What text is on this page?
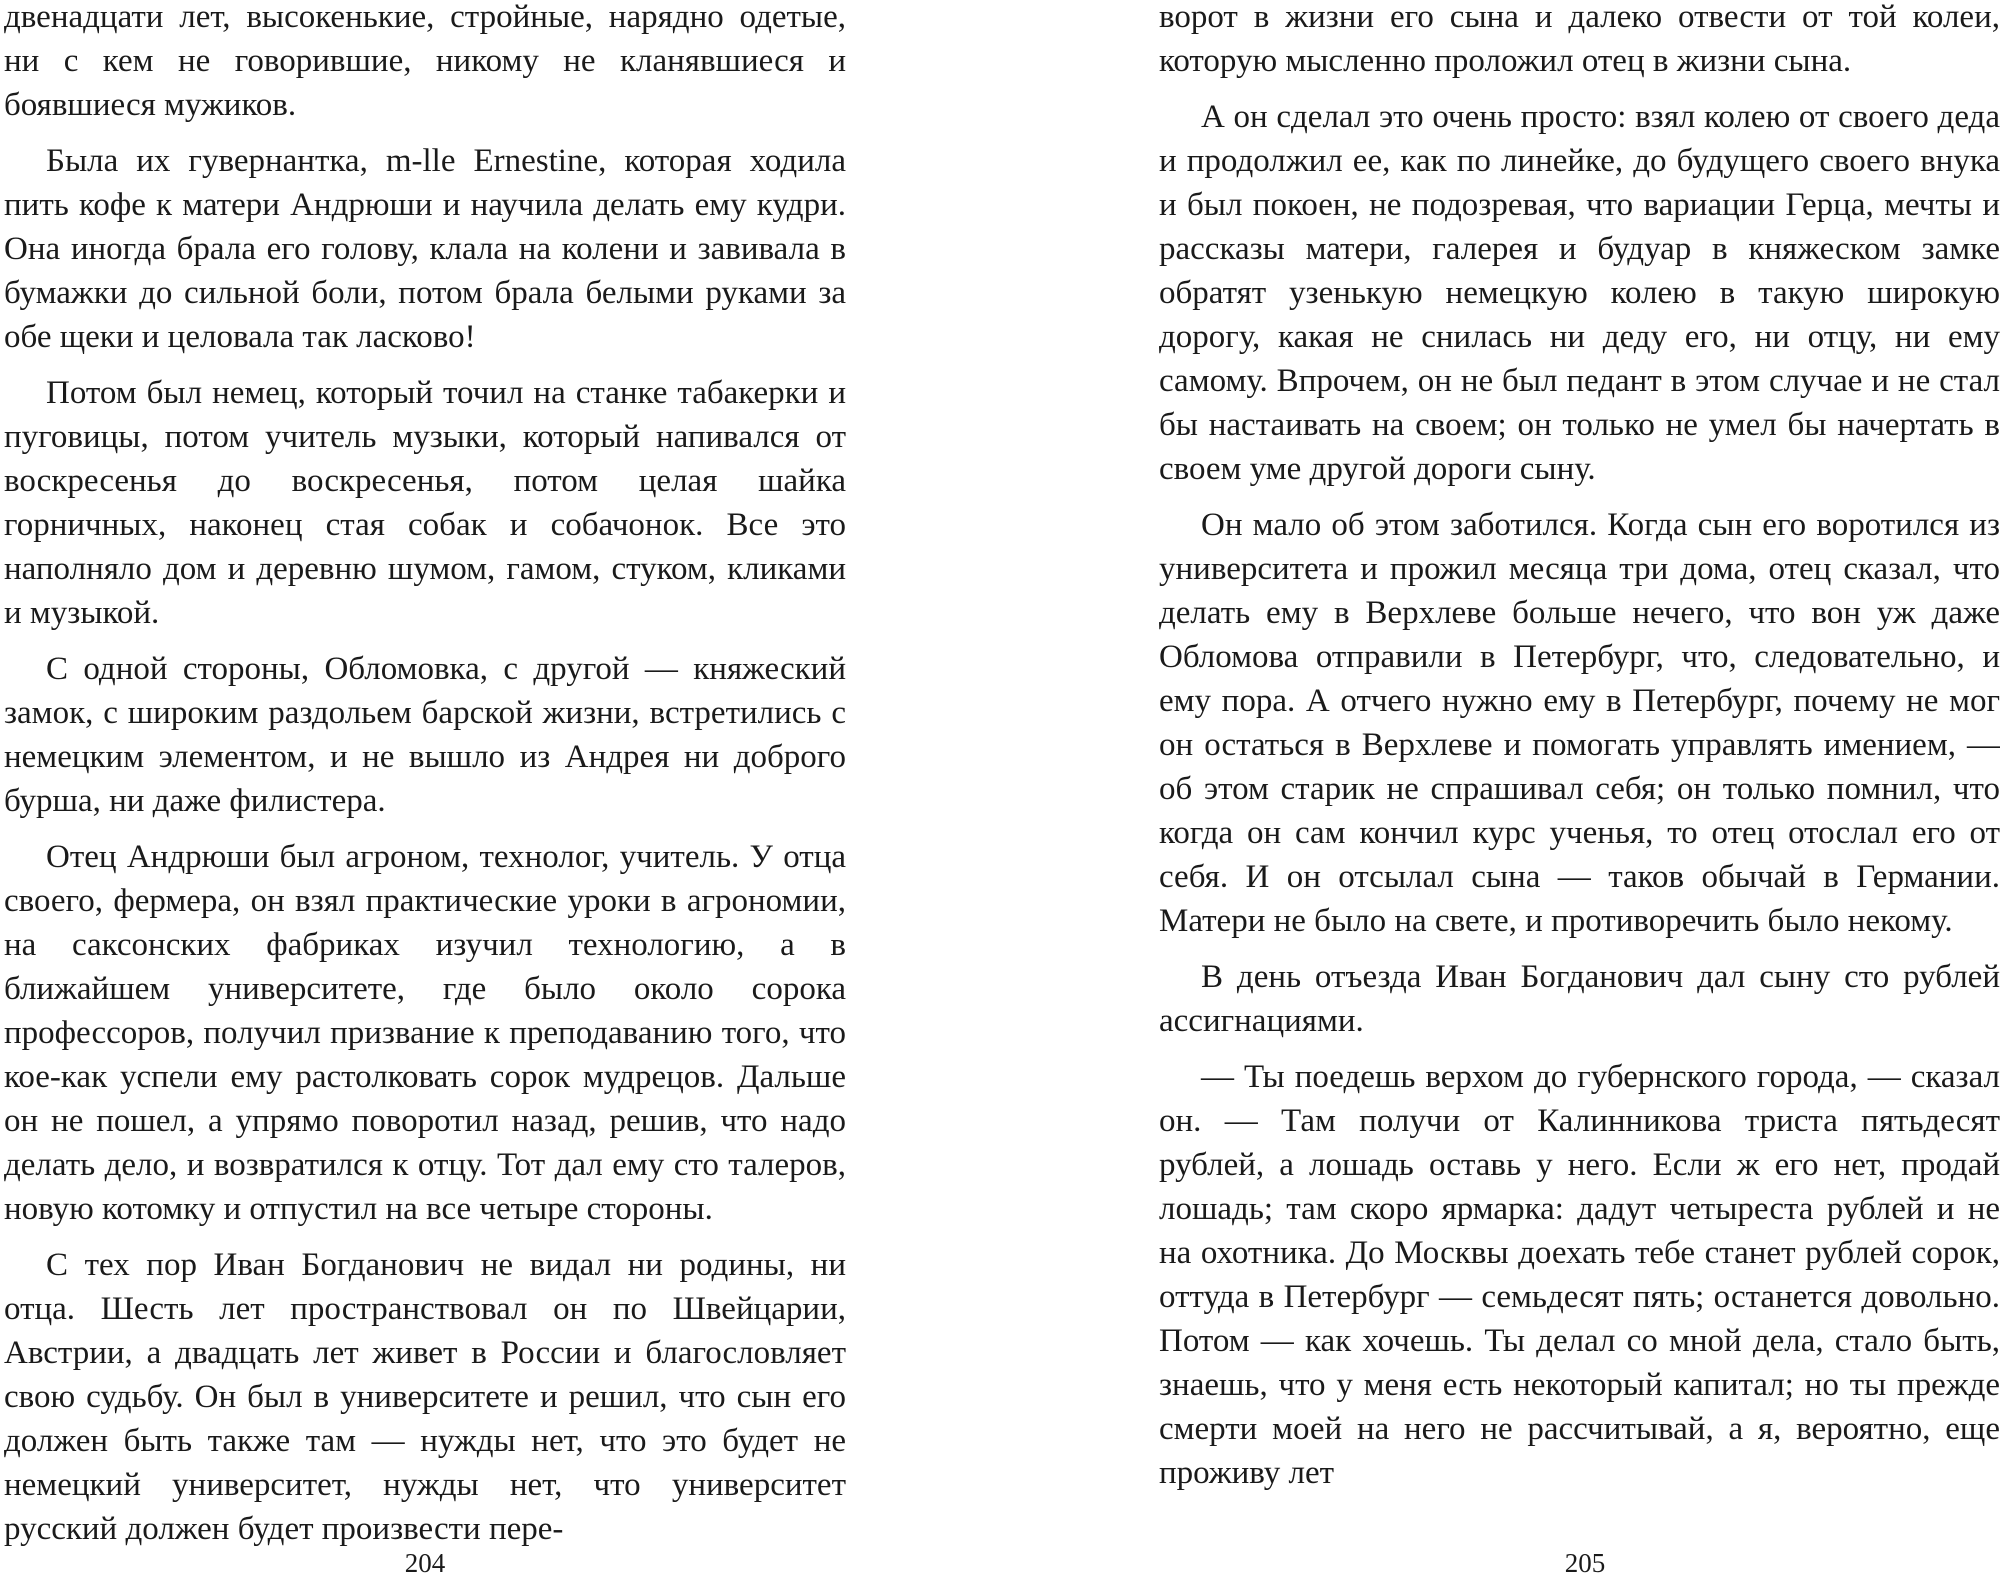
двенадцати лет, высокенькие, стройные, нарядно одетые, ни с кем не говорившие, никому не кланявшиеся и боявшиеся мужиков.

Была их гувернантка, m-lle Ernestine, которая ходила пить кофе к матери Андрюши и научила делать ему кудри. Она иногда брала его голову, клала на колени и завивала в бумажки до сильной боли, потом брала белыми руками за обе щеки и целовала так ласково!

Потом был немец, который точил на станке табакерки и пуговицы, потом учитель музыки, который напивался от воскресенья до воскресенья, потом целая шайка горничных, наконец стая собак и собачонок. Все это наполняло дом и деревню шумом, гамом, стуком, кликами и музыкой.

С одной стороны, Обломовка, с другой — княжеский замок, с широким раздольем барской жизни, встретились с немецким элементом, и не вышло из Андрея ни доброго бурша, ни даже филистера.

Отец Андрюши был агроном, технолог, учитель. У отца своего, фермера, он взял практические уроки в агрономии, на саксонских фабриках изучил технологию, а в ближайшем университете, где было около сорока профессоров, получил призвание к преподаванию того, что кое-как успели ему растолковать сорок мудрецов. Дальше он не пошел, а упрямо поворотил назад, решив, что надо делать дело, и возвратился к отцу. Тот дал ему сто талеров, новую котомку и отпустил на все четыре стороны.

С тех пор Иван Богданович не видал ни родины, ни отца. Шесть лет пространствовал он по Швейцарии, Австрии, а двадцать лет живет в России и благословляет свою судьбу. Он был в университете и решил, что сын его должен быть также там — нужды нет, что это будет не немецкий университет, нужды нет, что университет русский должен будет произвести пере-

204

ворот в жизни его сына и далеко отвести от той колеи, которую мысленно проложил отец в жизни сына.

А он сделал это очень просто: взял колею от своего деда и продолжил ее, как по линейке, до будущего своего внука и был покоен, не подозревая, что вариации Герца, мечты и рассказы матери, галерея и будуар в княжеском замке обратят узенькую немецкую колею в такую широкую дорогу, какая не снилась ни деду его, ни отцу, ни ему самому. Впрочем, он не был педант в этом случае и не стал бы настаивать на своем; он только не умел бы начертать в своем уме другой дороги сыну.

Он мало об этом заботился. Когда сын его воротился из университета и прожил месяца три дома, отец сказал, что делать ему в Верхлеве больше нечего, что вон уж даже Обломова отправили в Петербург, что, следовательно, и ему пора. А отчего нужно ему в Петербург, почему не мог он остаться в Верхлеве и помогать управлять имением, — об этом старик не спрашивал себя; он только помнил, что когда он сам кончил курс ученья, то отец отослал его от себя. И он отсылал сына — таков обычай в Германии. Матери не было на свете, и противоречить было некому.

В день отъезда Иван Богданович дал сыну сто рублей ассигнациями.

— Ты поедешь верхом до губернского города, — сказал он. — Там получи от Калинникова триста пятьдесят рублей, а лошадь оставь у него. Если ж его нет, продай лошадь; там скоро ярмарка: дадут четыреста рублей и не на охотника. До Москвы доехать тебе станет рублей сорок, оттуда в Петербург — семьдесят пять; останется довольно. Потом — как хочешь. Ты делал со мной дела, стало быть, знаешь, что у меня есть некоторый капитал; но ты прежде смерти моей на него не рассчитывай, а я, вероятно, еще проживу лет

205
